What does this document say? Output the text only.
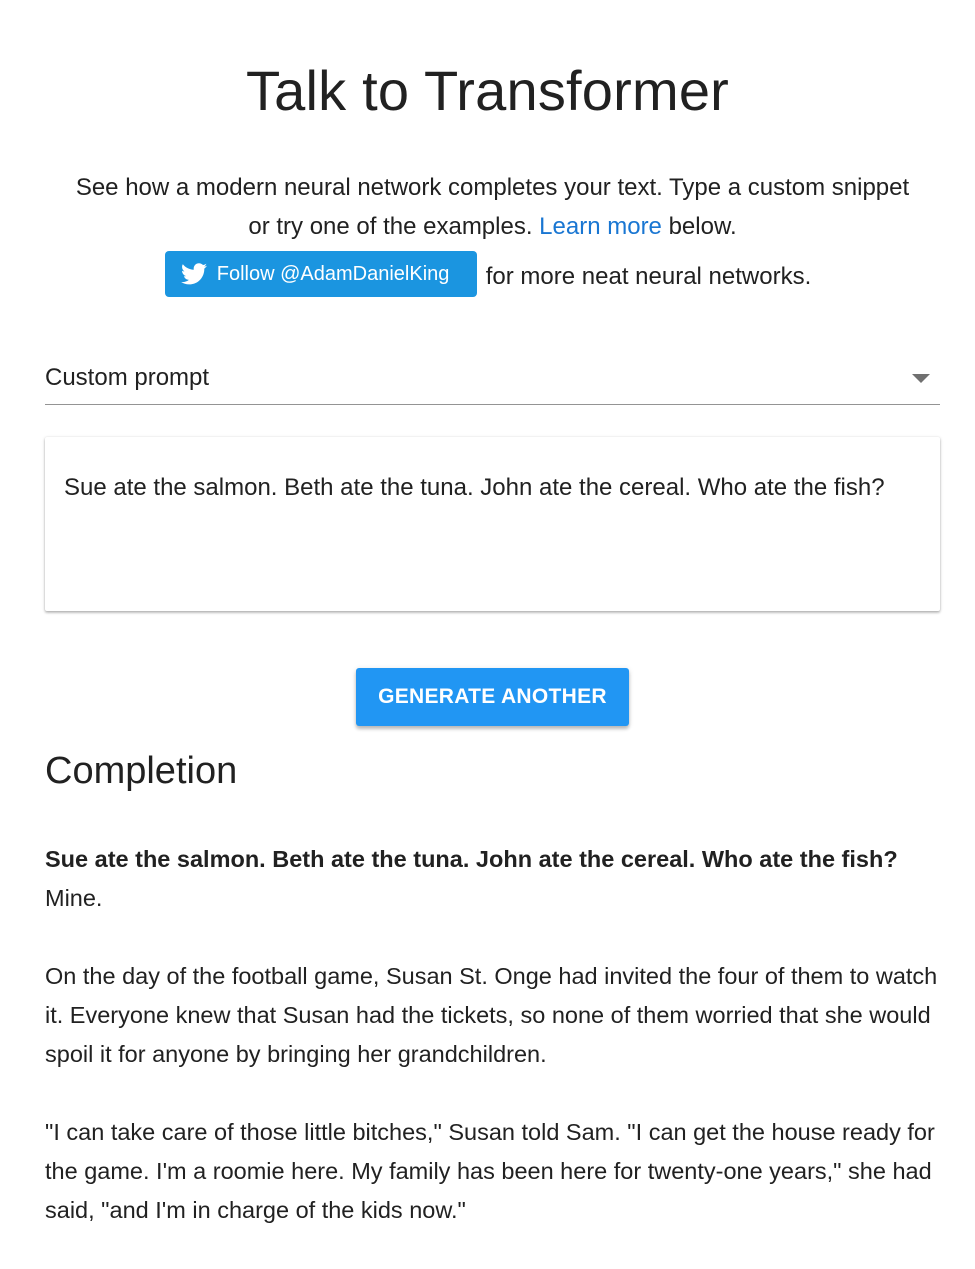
Talk to Transformer

See how a modern neural network completes your text. Type a custom snippet or try one of the examples. Learn more below.

Follow @AdamDanielKing for more neat neural networks.
Custom prompt

Sue ate the salmon. Beth ate the tuna. John ate the cereal. Who ate the fish?

GENERATE ANOTHER
Completion

Sue ate the salmon. Beth ate the tuna. John ate the cereal. Who ate the fish?
Mine.

On the day of the football game, Susan St. Onge had invited the four of them to watch it. Everyone knew that Susan had the tickets, so none of them worried that she would spoil it for anyone by bringing her grandchildren.

"I can take care of those little bitches," Susan told Sam. "I can get the house ready for the game. I'm a roomie here. My family has been here for twenty-one years," she had said, "and I'm in charge of the kids now."
